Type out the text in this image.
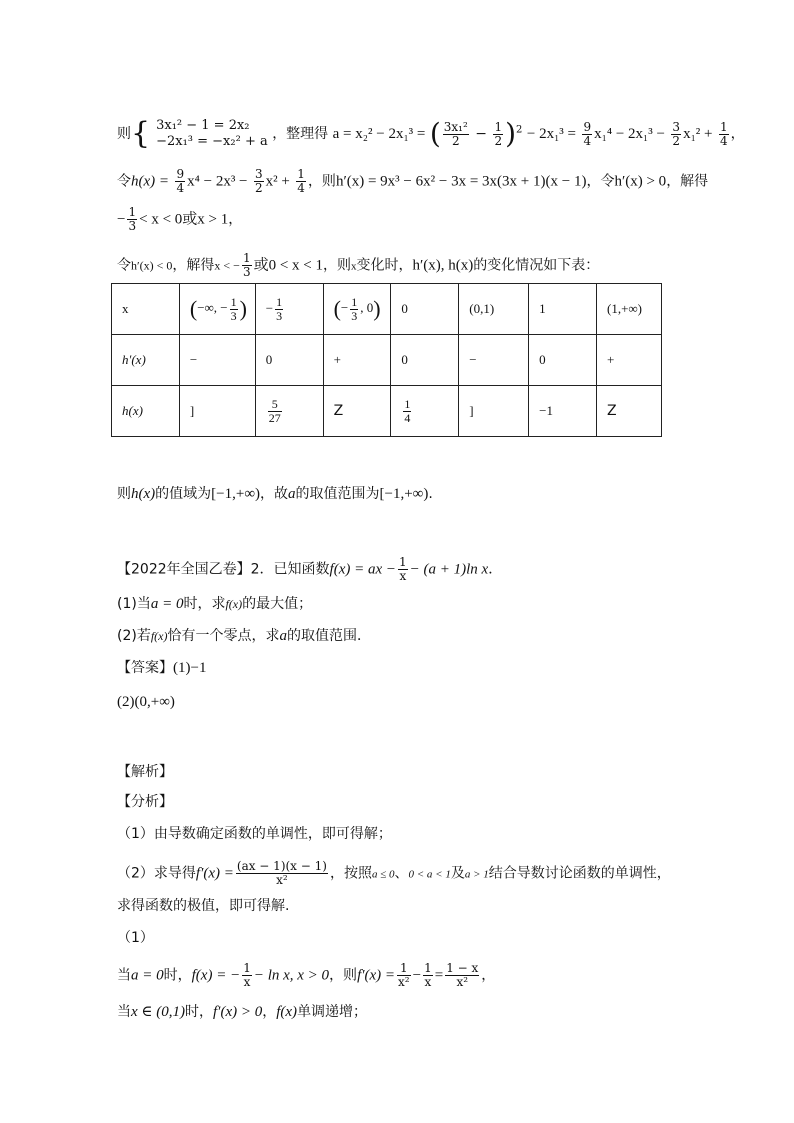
则{ 3x₁² − 1 = 2x₂
−2x₁³ = −x₂² + a ，整理得 a = x₂² − 2x₁³ = ( $\frac{\text{3x₁²}}{2} - \frac{1}{2} )^2 - 2x_1^3 = \frac{9}{4} x_1^4 - 2x_1^3 - \frac{3}{2} x_1^2 + \frac{1}{4}$ ，
令$h(x) = \frac{9}{4} x^4 - 2x^3 - \frac{3}{2} x^2 + \frac{1}{4}$ ，则h′(x) = 9x³ − 6x² − 3x = 3x(3x + 1)(x − 1)，令h′(x) > 0，解得
− $\frac{1}{3} < x < 0$或x > 1，
令h′(x) < 0，解得x < − $\frac{1}{3}$ 或0 < x < 1，则x变化时，h′(x), h(x)的变化情况如下表：
x	(−∞, − $\frac{1}{3}$ )	− $\frac{1}{3}$	(− $\frac{1}{3}$ , 0)	0	(0,1)	1	(1,+∞)
h′(x)	−	0	+	0	−	0	+
h(x)	]	$\frac{5}{27}$	Z	$\frac{1}{4}$	]	−1	Z
则h(x)的值域为[−1,+∞)，故a的取值范围为[−1,+∞).
【2022年全国乙卷】2．已知函数f(x) = ax − $\frac{1}{x} - (a + 1)\ln$ x．
(1)当a = 0时，求f(x)的最大值；
(2)若f(x)恰有一个零点，求a的取值范围．
【答案】(1)−1
(2)(0,+∞)
【解析】
【分析】
（1）由导数确定函数的单调性，即可得解；
（2）求导得$f'(x) = \frac{(ax - 1)(x - 1)}{\text{x²}}$ ，按照a ≤ 0、0 < a < 1及a > 1结合导数讨论函数的单调性，
求得函数的极值，即可得解.
（1）
当a = 0时，f(x) = − $\frac{1}{x} - \ln x$, x > 0，则$f'(x) = \frac{1}{\text{x²}} - \frac{1}{x} = \frac{1 - x}{\text{x²}}$ ，
当x ∈ (0,1)时，f′(x) > 0，f(x)单调递增；
